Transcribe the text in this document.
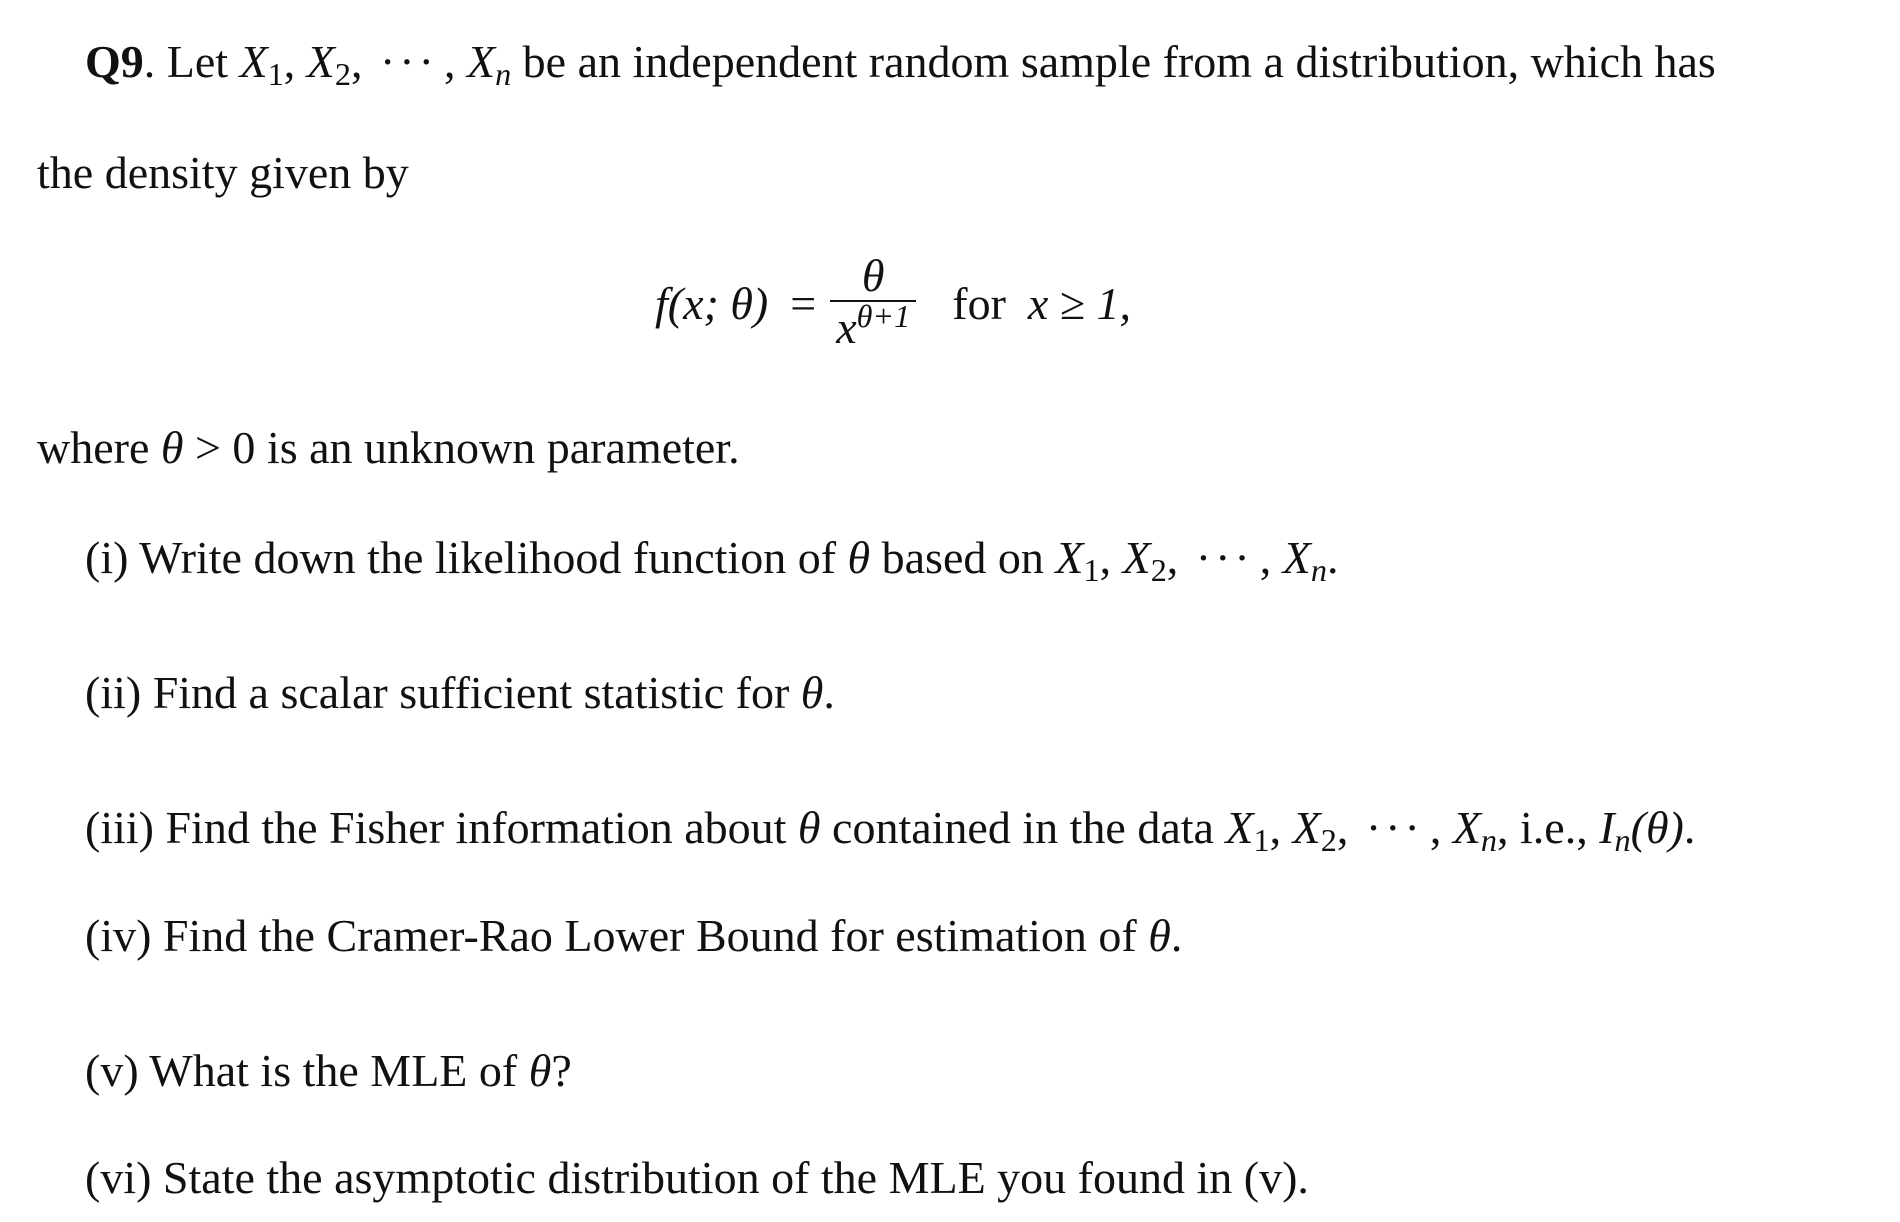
Q9. Let $X_1$, $X_2$, ··· , $X_n$ be an independent random sample from a distribution, which has
the density given by
f(x; $\theta) = \frac{\theta}{x^{\theta+1}}$ for x ≥ 1,
where θ > 0 is an unknown parameter.
(i) Write down the likelihood function of θ based on $X_1$, $X_2$, ··· , $X_n$.
(ii) Find a scalar sufficient statistic for θ.
(iii) Find the Fisher information about θ contained in the data $X_1$, $X_2$, ··· , $X_n$, i.e., $I_n(\theta)$.
(iv) Find the Cramer-Rao Lower Bound for estimation of θ.
(v) What is the MLE of θ?
(vi) State the asymptotic distribution of the MLE you found in (v).
